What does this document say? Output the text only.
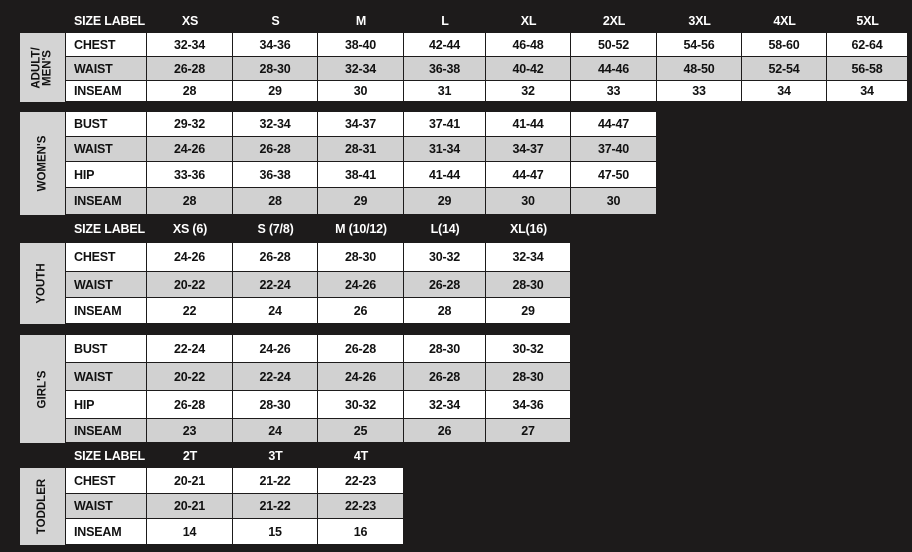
SIZE LABEL	XS	S	M	L	XL	2XL	3XL	4XL	5XL
ADULT/
MEN'S
CHEST	32-34	34-36	38-40	42-44	46-48	50-52	54-56	58-60	62-64
WAIST	26-28	28-30	32-34	36-38	40-42	44-46	48-50	52-54	56-58
INSEAM	28	29	30	31	32	33	33	34	34
WOMEN'S
BUST	29-32	32-34	34-37	37-41	41-44	44-47
WAIST	24-26	26-28	28-31	31-34	34-37	37-40
HIP	33-36	36-38	38-41	41-44	44-47	47-50
INSEAM	28	28	29	29	30	30
SIZE LABEL	XS (6)	S (7/8)	M (10/12)	L(14)	XL(16)
YOUTH
CHEST	24-26	26-28	28-30	30-32	32-34
WAIST	20-22	22-24	24-26	26-28	28-30
INSEAM	22	24	26	28	29
GIRL'S
BUST	22-24	24-26	26-28	28-30	30-32
WAIST	20-22	22-24	24-26	26-28	28-30
HIP	26-28	28-30	30-32	32-34	34-36
INSEAM	23	24	25	26	27
SIZE LABEL	2T	3T	4T
TODDLER	CHEST	20-21	21-22	22-23
WAIST	20-21	21-22	22-23
INSEAM	14	15	16
